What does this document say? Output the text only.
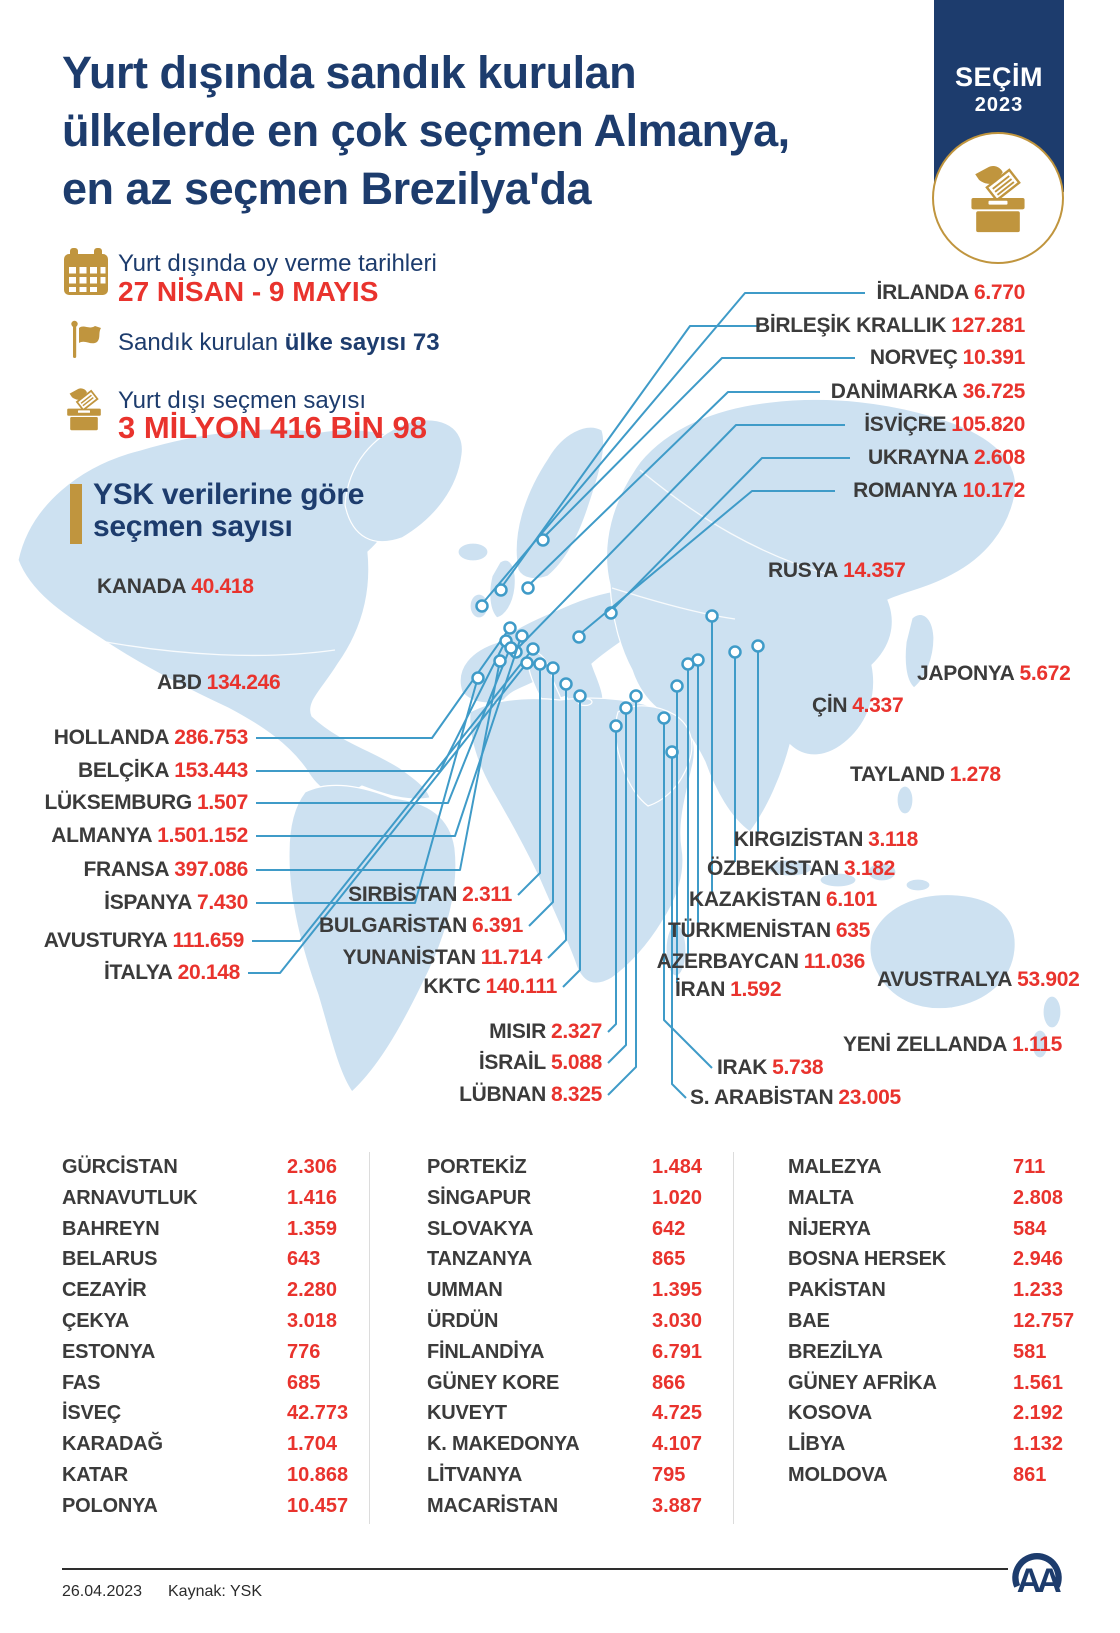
Yurt dışında sandık kurulan
ülkelerde en çok seçmen Almanya,
en az seçmen Brezilya'da
SEÇİM
2023
Yurt dışında oy verme tarihleri
27 NİSAN - 9 MAYIS
Sandık kurulan ülke sayısı 73
Yurt dışı seçmen sayısı
3 MİLYON 416 BİN 98
YSK verilerine göre
seçmen sayısı
KANADA 40.418
ABD 134.246
HOLLANDA 286.753
BELÇİKA 153.443
LÜKSEMBURG 1.507
ALMANYA 1.501.152
FRANSA 397.086
İSPANYA 7.430
AVUSTURYA 111.659
İTALYA 20.148
SIRBİSTAN 2.311
BULGARİSTAN 6.391
YUNANİSTAN 11.714
KKTC 140.111
MISIR 2.327
İSRAİL 5.088
LÜBNAN 8.325
IRAK 5.738
S. ARABİSTAN 23.005
İRLANDA 6.770
BİRLEŞİK KRALLIK 127.281
NORVEÇ 10.391
DANİMARKA 36.725
İSVİÇRE 105.820
UKRAYNA 2.608
ROMANYA 10.172
RUSYA 14.357
JAPONYA 5.672
ÇİN 4.337
TAYLAND 1.278
KIRGIZİSTAN 3.118
ÖZBEKİSTAN 3.182
KAZAKİSTAN 6.101
TÜRKMENİSTAN 635
AZERBAYCAN 11.036
İRAN 1.592	AVUSTRALYA 53.902
YENİ ZELLANDA 1.115
GÜRCİSTAN	2.306
ARNAVUTLUK	1.416
BAHREYN	1.359
BELARUS	643
CEZAYİR	2.280
ÇEKYA	3.018
ESTONYA	776
FAS	685
İSVEÇ	42.773
KARADAĞ	1.704
KATAR	10.868
POLONYA	10.457
PORTEKİZ	1.484
SİNGAPUR	1.020
SLOVAKYA	642
TANZANYA	865
UMMAN	1.395
ÜRDÜN	3.030
FİNLANDİYA	6.791
GÜNEY KORE	866
KUVEYT	4.725
K. MAKEDONYA	4.107
LİTVANYA	795
MACARİSTAN	3.887
MALEZYA	711
MALTA	2.808
NİJERYA	584
BOSNA HERSEK	2.946
PAKİSTAN	1.233
BAE	12.757
BREZİLYA	581
GÜNEY AFRİKA	1.561
KOSOVA	2.192
LİBYA	1.132
MOLDOVA	861
26.04.2023 Kaynak: YSK	AA
